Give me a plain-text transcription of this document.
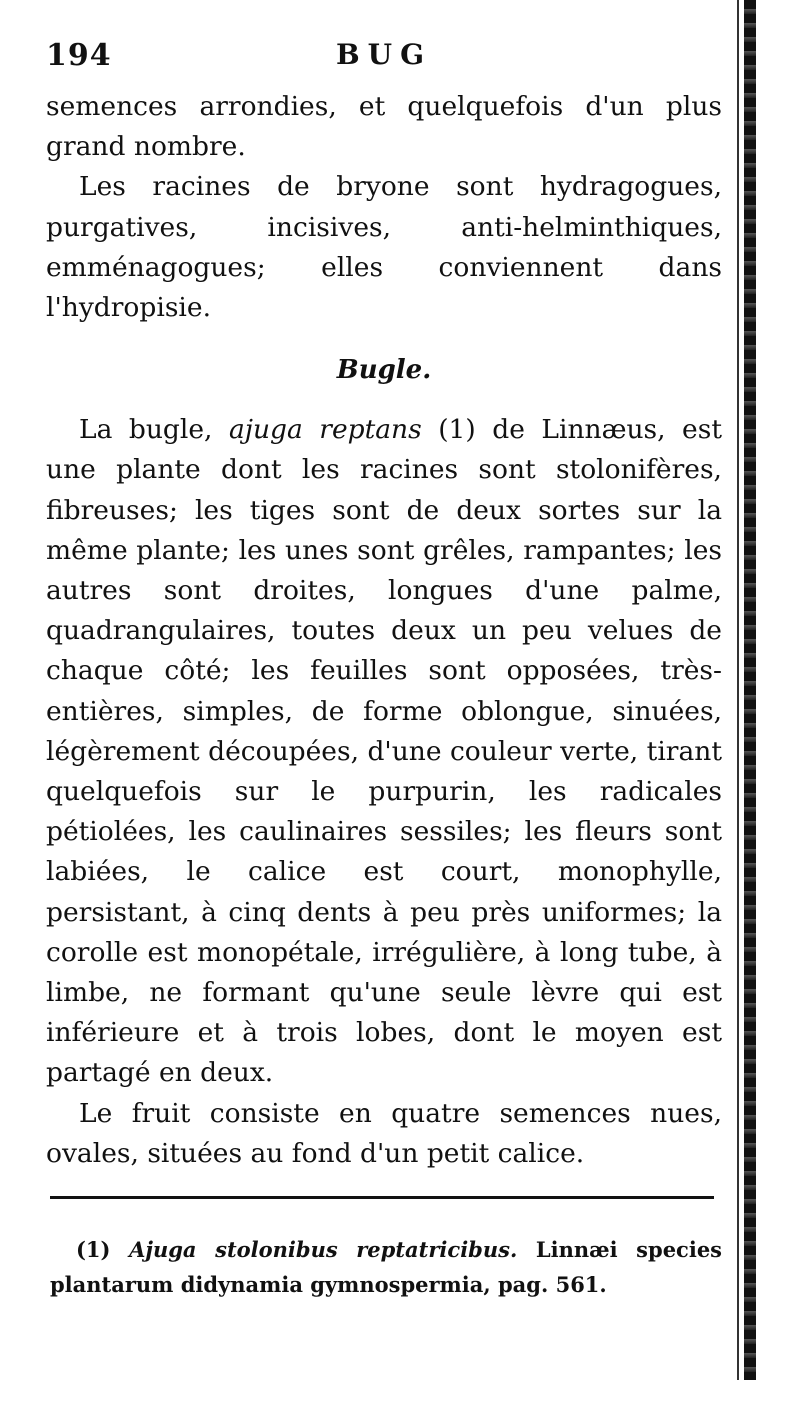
194	BUG

semences arrondies, et quelquefois d'un plus grand nombre.

Les racines de bryone sont hydragogues, purgatives, incisives, anti-helminthiques, emménagogues; elles conviennent dans l'hydropisie.

Bugle.

La bugle, ajuga reptans (1) de Linnæus, est une plante dont les racines sont stolonifères, fibreuses; les tiges sont de deux sortes sur la même plante; les unes sont grêles, rampantes; les autres sont droites, longues d'une palme, quadrangulaires, toutes deux un peu velues de chaque côté; les feuilles sont opposées, très-entières, simples, de forme oblongue, sinuées, légèrement découpées, d'une couleur verte, tirant quelquefois sur le purpurin, les radicales pétiolées, les caulinaires sessiles; les fleurs sont labiées, le calice est court, monophylle, persistant, à cinq dents à peu près uniformes; la corolle est monopétale, irrégulière, à long tube, à limbe, ne formant qu'une seule lèvre qui est inférieure et à trois lobes, dont le moyen est partagé en deux.

Le fruit consiste en quatre semences nues, ovales, situées au fond d'un petit calice.

(1) Ajuga stolonibus reptatricibus. Linnæi species plantarum didynamia gymnospermia, pag. 561.
